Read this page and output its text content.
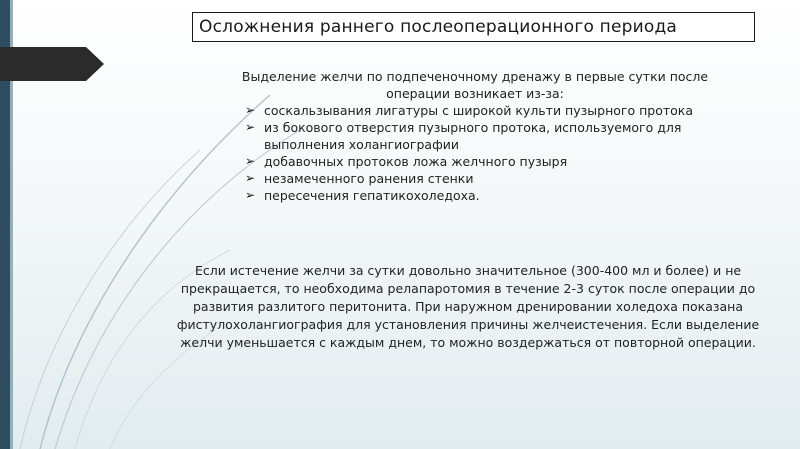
Осложнения раннего послеоперационного периода
Выделение желчи по подпеченочному дренажу в первые сутки после операции возникает из-за:
➢ соскальзывания лигатуры с широкой культи пузырного протока
➢ из бокового отверстия пузырного протока, используемого для выполнения холангиографии
➢ добавочных протоков ложа желчного пузыря
➢ незамеченного ранения стенки
➢ пересечения гепатикохоледоха.
Если истечение желчи за сутки довольно значительное (300-400 мл и более) и не прекращается, то необходима релапаротомия в течение 2-3 суток после операции до развития разлитого перитонита. При наружном дренировании холедоха показана фистулохолангиография для установления причины желчеистечения. Если выделение желчи уменьшается с каждым днем, то можно воздержаться от повторной операции.
